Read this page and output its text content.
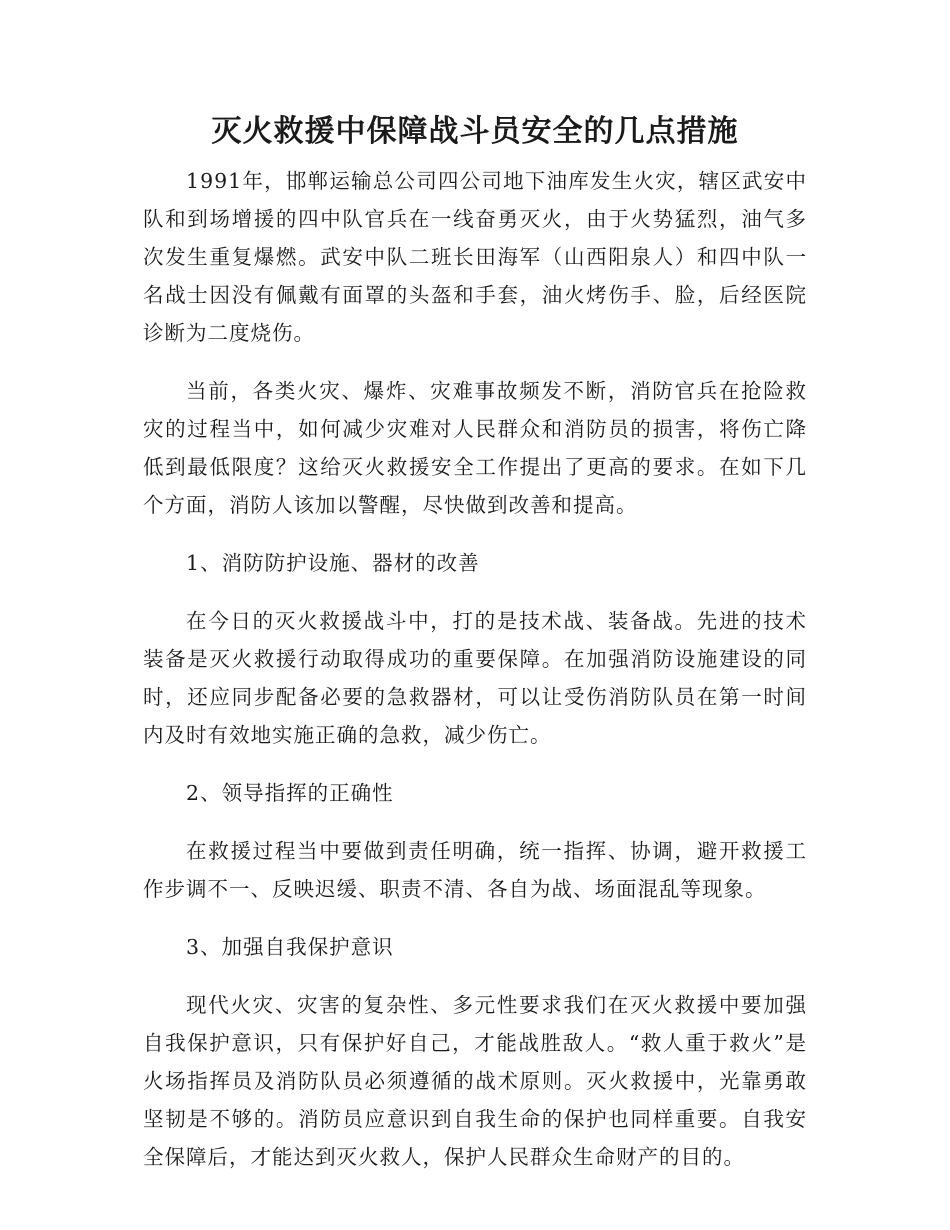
灭火救援中保障战斗员安全的几点措施

1991年，邯郸运输总公司四公司地下油库发生火灾，辖区武安中队和到场增援的四中队官兵在一线奋勇灭火，由于火势猛烈，油气多次发生重复爆燃。武安中队二班长田海军（山西阳泉人）和四中队一名战士因没有佩戴有面罩的头盔和手套，油火烤伤手、脸，后经医院诊断为二度烧伤。

当前，各类火灾、爆炸、灾难事故频发不断，消防官兵在抢险救灾的过程当中，如何减少灾难对人民群众和消防员的损害，将伤亡降低到最低限度？这给灭火救援安全工作提出了更高的要求。在如下几个方面，消防人该加以警醒，尽快做到改善和提高。

1、消防防护设施、器材的改善

在今日的灭火救援战斗中，打的是技术战、装备战。先进的技术装备是灭火救援行动取得成功的重要保障。在加强消防设施建设的同时，还应同步配备必要的急救器材，可以让受伤消防队员在第一时间内及时有效地实施正确的急救，减少伤亡。

2、领导指挥的正确性

在救援过程当中要做到责任明确，统一指挥、协调，避开救援工作步调不一、反映迟缓、职责不清、各自为战、场面混乱等现象。

3、加强自我保护意识

现代火灾、灾害的复杂性、多元性要求我们在灭火救援中要加强自我保护意识，只有保护好自己，才能战胜敌人。“救人重于救火”是火场指挥员及消防队员必须遵循的战术原则。灭火救援中，光靠勇敢坚韧是不够的。消防员应意识到自我生命的保护也同样重要。自我安全保障后，才能达到灭火救人，保护人民群众生命财产的目的。
